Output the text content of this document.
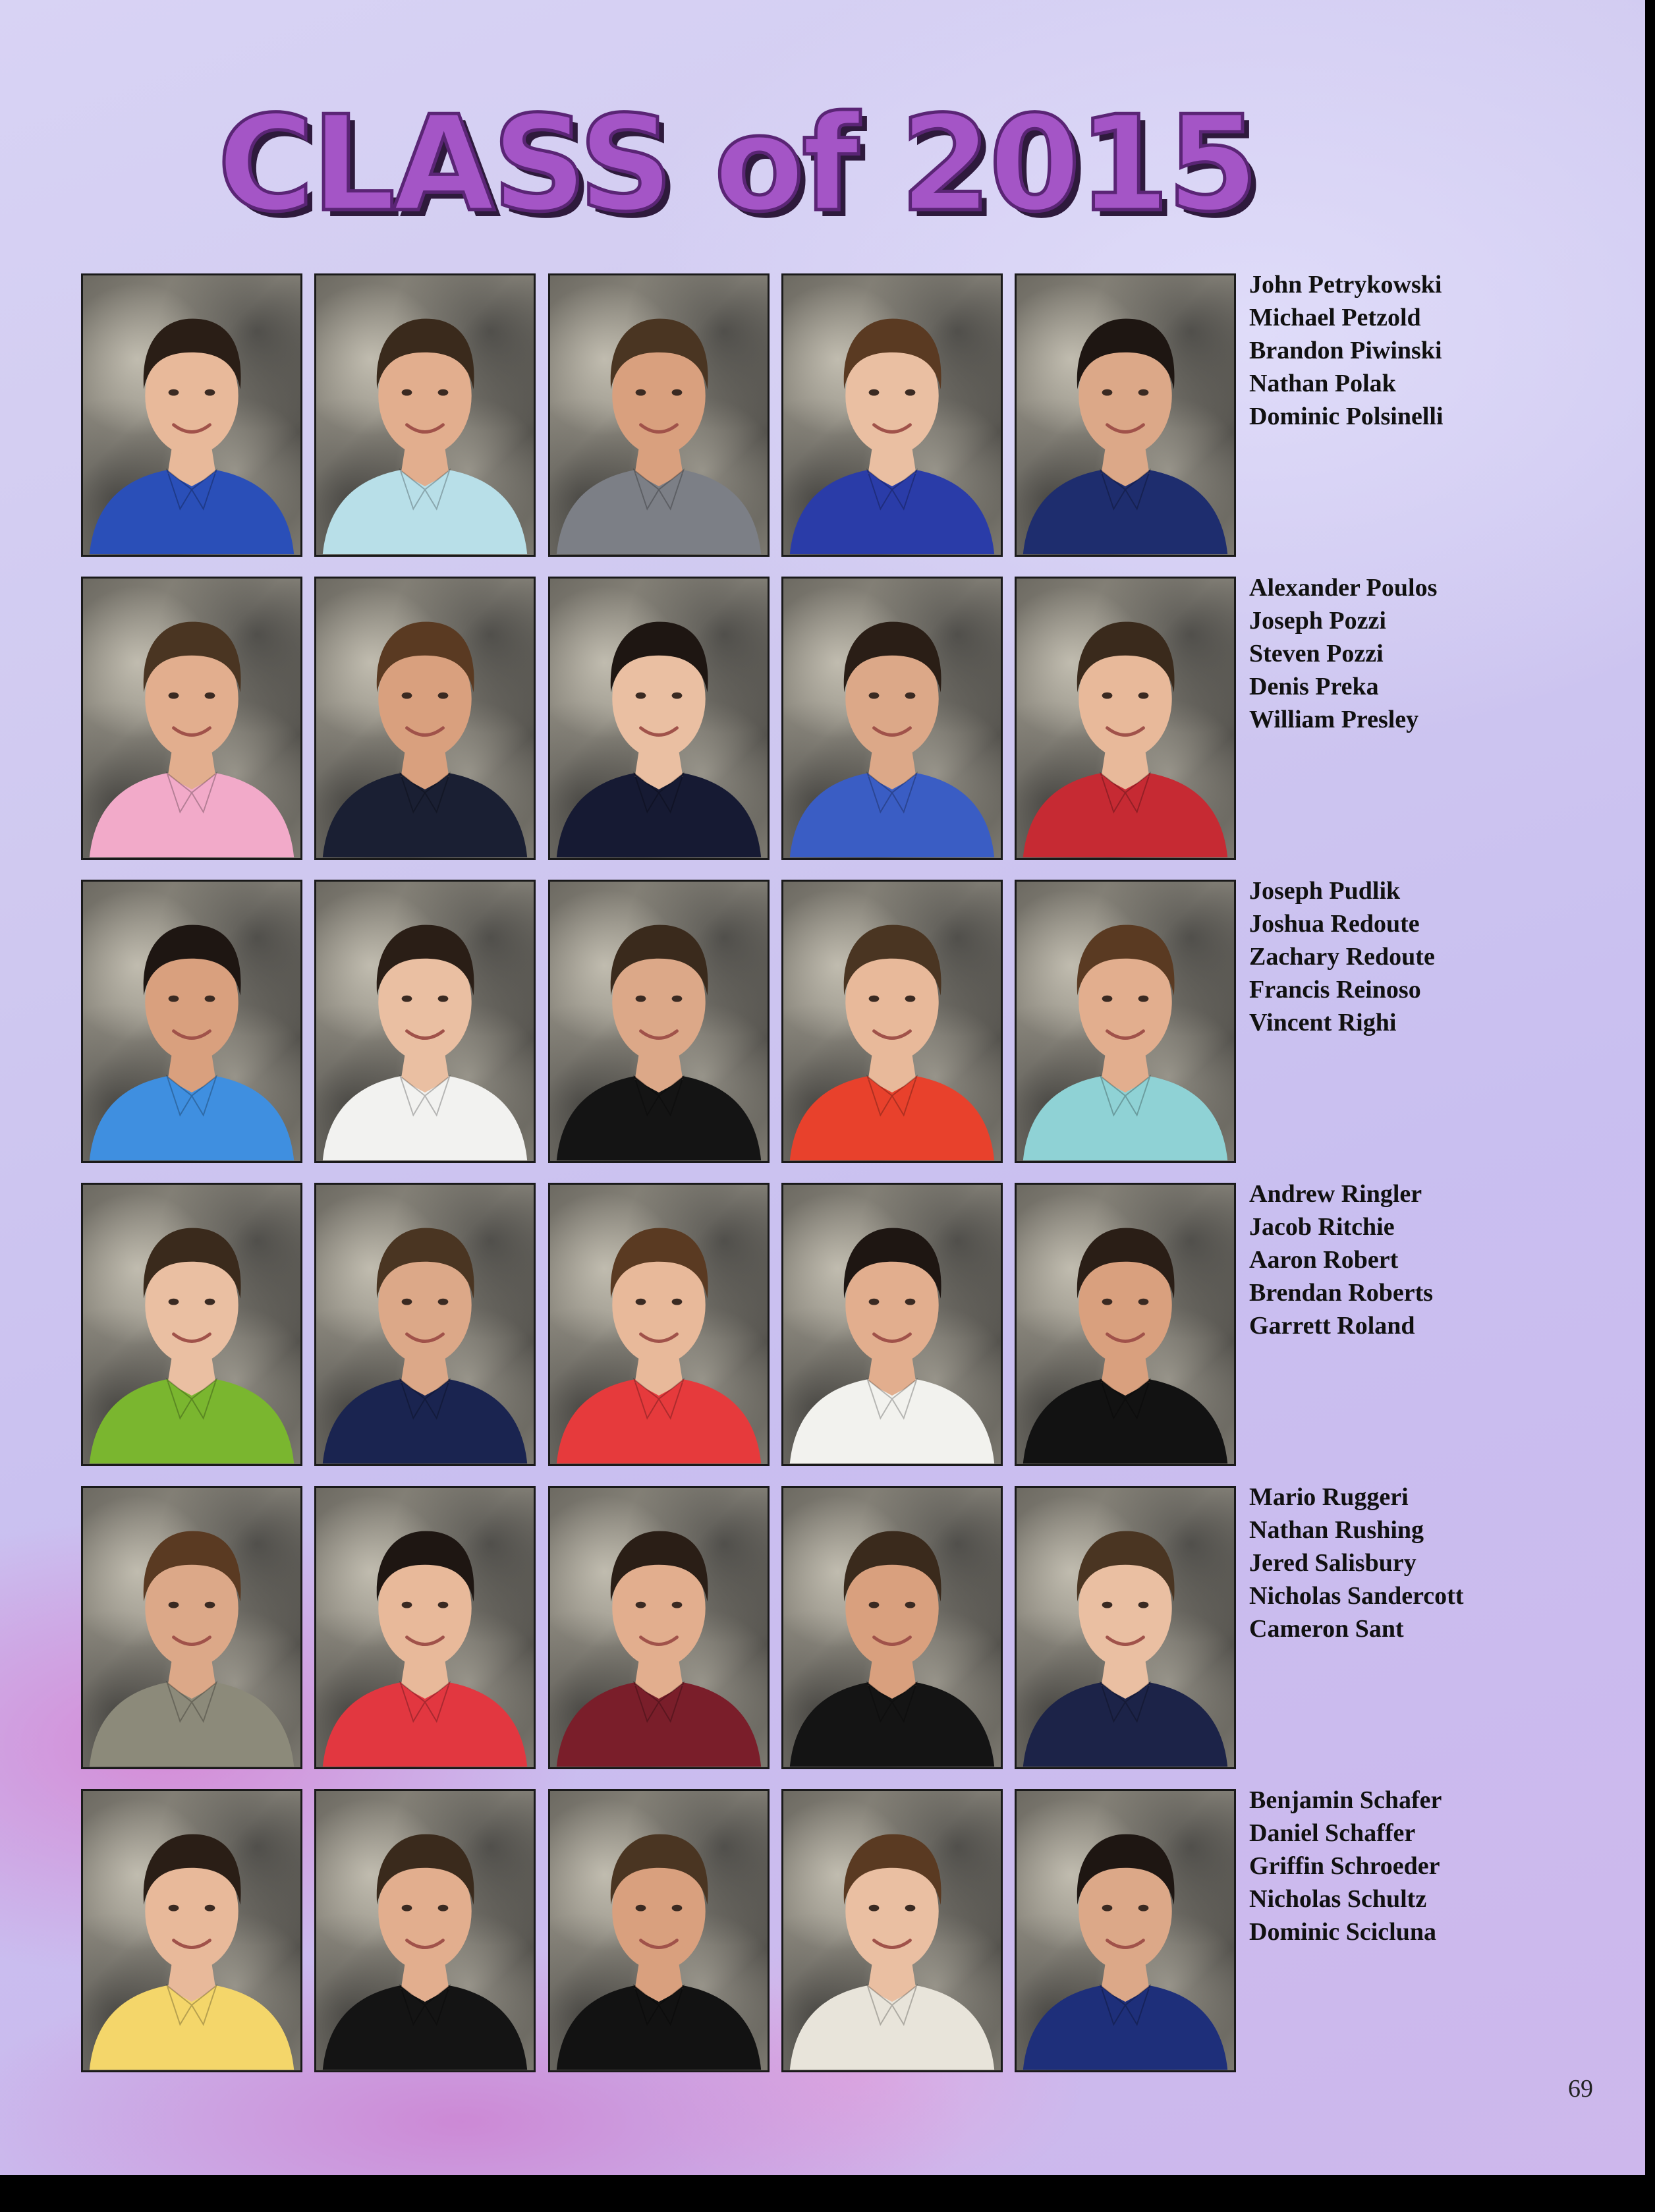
CLASS of 2015
John Petrykowski
Michael Petzold
Brandon Piwinski
Nathan Polak
Dominic Polsinelli
Alexander Poulos
Joseph Pozzi
Steven Pozzi
Denis Preka
William Presley
Joseph Pudlik
Joshua Redoute
Zachary Redoute
Francis Reinoso
Vincent Righi
Andrew Ringler
Jacob Ritchie
Aaron Robert
Brendan Roberts
Garrett Roland
Mario Ruggeri
Nathan Rushing
Jered Salisbury
Nicholas Sandercott
Cameron Sant
Benjamin Schafer
Daniel Schaffer
Griffin Schroeder
Nicholas Schultz
Dominic Scicluna
69
